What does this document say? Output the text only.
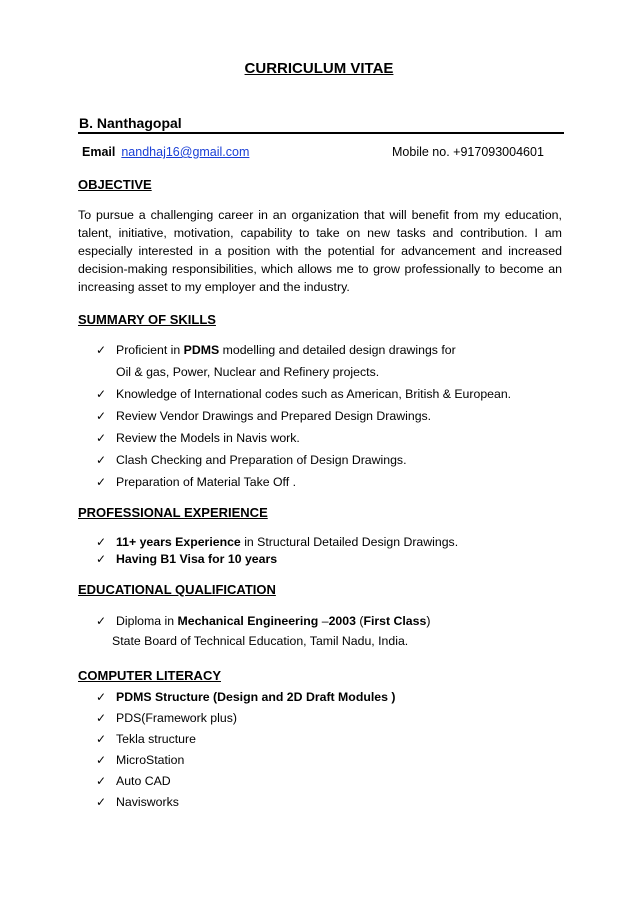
CURRICULUM VITAE
B. Nanthagopal
Email nandhaj16@gmail.com	Mobile no. +917093004601
OBJECTIVE
To pursue a challenging career in an organization that will benefit from my education, talent, initiative, motivation, capability to take on new tasks and contribution. I am especially interested in a position with the potential for advancement and increased decision-making responsibilities, which allows me to grow professionally to become an increasing asset to my employer and the industry.
SUMMARY OF SKILLS
✓ Proficient in PDMS modelling and detailed design drawings for
Oil & gas, Power, Nuclear and Refinery projects.
✓ Knowledge of International codes such as American, British & European.
✓ Review Vendor Drawings and Prepared Design Drawings.
✓ Review the Models in Navis work.
✓ Clash Checking and Preparation of Design Drawings.
✓ Preparation of Material Take Off .
PROFESSIONAL EXPERIENCE
✓ 11+ years Experience in Structural Detailed Design Drawings.
✓ Having B1 Visa for 10 years
EDUCATIONAL QUALIFICATION
✓ Diploma in Mechanical Engineering –2003 (First Class)
State Board of Technical Education, Tamil Nadu, India.
COMPUTER LITERACY
✓ PDMS Structure (Design and 2D Draft Modules )
✓ PDS(Framework plus)
✓ Tekla structure
✓ MicroStation
✓ Auto CAD
✓ Navisworks
